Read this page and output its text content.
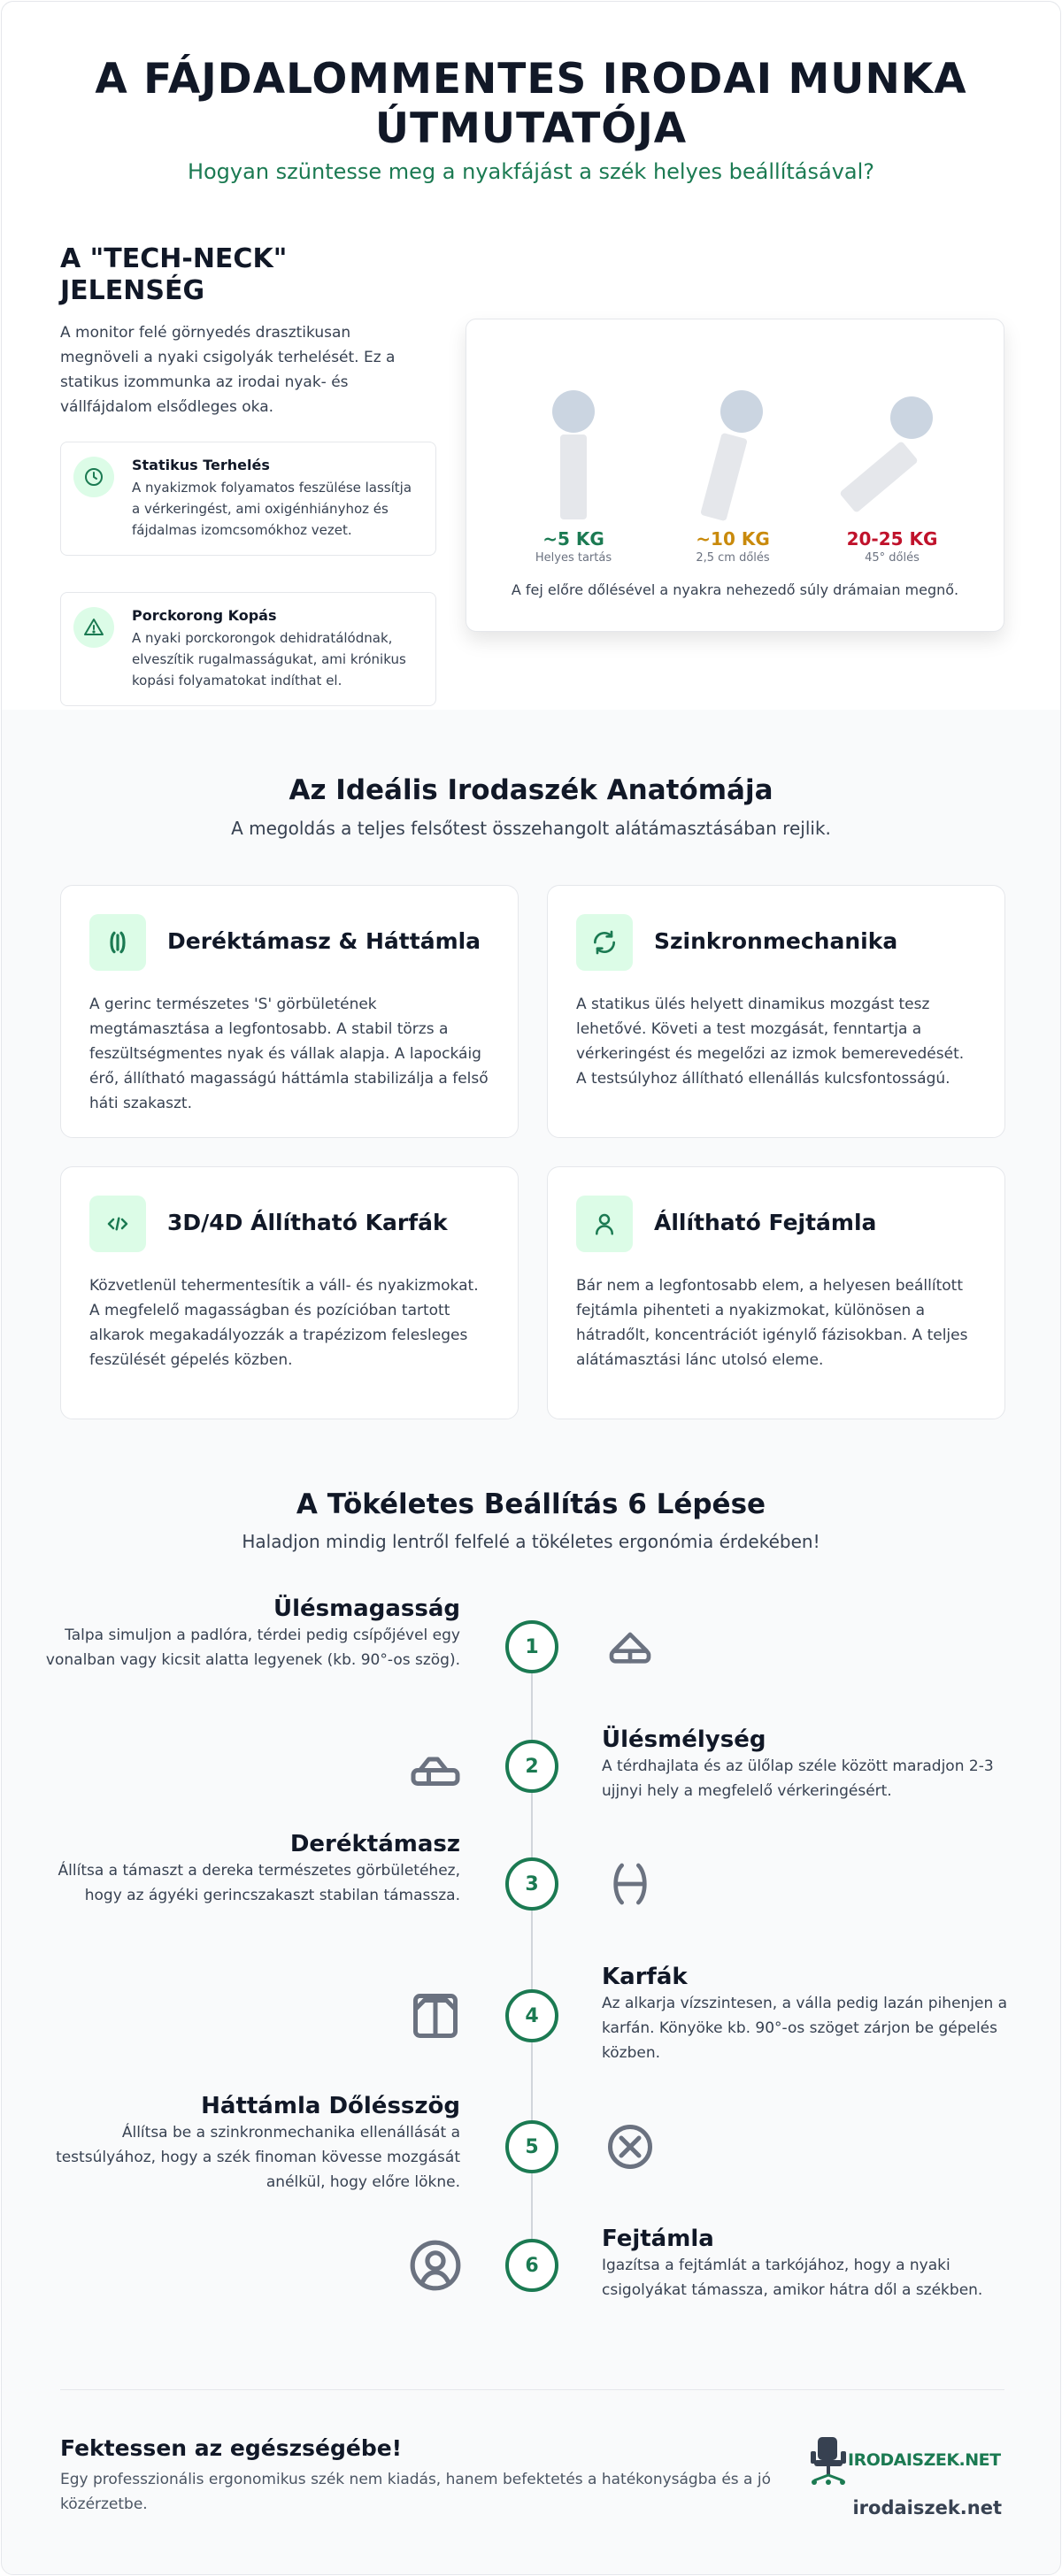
A FÁJDALOMMENTES IRODAI MUNKA
ÚTMUTATÓJA
Hogyan szüntesse meg a nyakfájást a szék helyes beállításával?
A "TECH-NECK" JELENSÉG
A monitor felé görnyedés drasztikusan megnöveli a nyaki csigolyák terhelését. Ez a statikus izommunka az irodai nyak- és vállfájdalom elsődleges oka.
Statikus Terhelés

A nyakizmok folyamatos feszülése lassítja a vérkeringést, ami oxigénhiányhoz és fájdalmas izomcsomókhoz vezet.

Porckorong Kopás

A nyaki porckorongok dehidratálódnak, elveszítik rugalmasságukat, ami krónikus kopási folyamatokat indíthat el.

~5 KG
Helyes tartás
~10 KG
2,5 cm dőlés
20-25 KG
45° dőlés
A fej előre dőlésével a nyakra nehezedő súly drámaian megnő.
Az Ideális Irodaszék Anatómája
A megoldás a teljes felsőtest összehangolt alátámasztásában rejlik.
Deréktámasz & Háttámla

A gerinc természetes 'S' görbületének megtámasztása a legfontosabb. A stabil törzs a feszültségmentes nyak és vállak alapja. A lapockáig érő, állítható magasságú háttámla stabilizálja a felső háti szakaszt.

Szinkronmechanika

A statikus ülés helyett dinamikus mozgást tesz lehetővé. Követi a test mozgását, fenntartja a vérkeringést és megelőzi az izmok bemerevedését. A testsúlyhoz állítható ellenállás kulcsfontosságú.

3D/4D Állítható Karfák

Közvetlenül tehermentesítik a váll- és nyakizmokat. A megfelelő magasságban és pozícióban tartott alkarok megakadályozzák a trapézizom felesleges feszülését gépelés közben.

Állítható Fejtámla

Bár nem a legfontosabb elem, a helyesen beállított fejtámla pihenteti a nyakizmokat, különösen a hátradőlt, koncentrációt igénylő fázisokban. A teljes alátámasztási lánc utolsó eleme.

A Tökéletes Beállítás 6 Lépése
Haladjon mindig lentről felfelé a tökéletes ergonómia érdekében!
Ülésmagasság

Talpa simuljon a padlóra, térdei pedig csípőjével egy vonalban vagy kicsit alatta legyenek (kb. 90°-os szög).

1
2
Ülésmélység

A térdhajlata és az ülőlap széle között maradjon 2-3 ujjnyi hely a megfelelő vérkeringésért.

Deréktámasz

Állítsa a támaszt a dereka természetes görbületéhez, hogy az ágyéki gerincszakaszt stabilan támassza.

3
4
Karfák

Az alkarja vízszintesen, a válla pedig lazán pihenjen a karfán. Könyöke kb. 90°-os szöget zárjon be gépelés közben.

Háttámla Dőlésszög

Állítsa be a szinkronmechanika ellenállását a testsúlyához, hogy a szék finoman kövesse mozgását anélkül, hogy előre lökne.

5
6
Fejtámla

Igazítsa a fejtámlát a tarkójához, hogy a nyaki csigolyákat támassza, amikor hátra dől a székben.

Fektessen az egészségébe!
Egy professzionális ergonomikus szék nem kiadás, hanem befektetés a hatékonyságba és a jó közérzetbe.
IRODAISZEK.NET
irodaiszek.net
